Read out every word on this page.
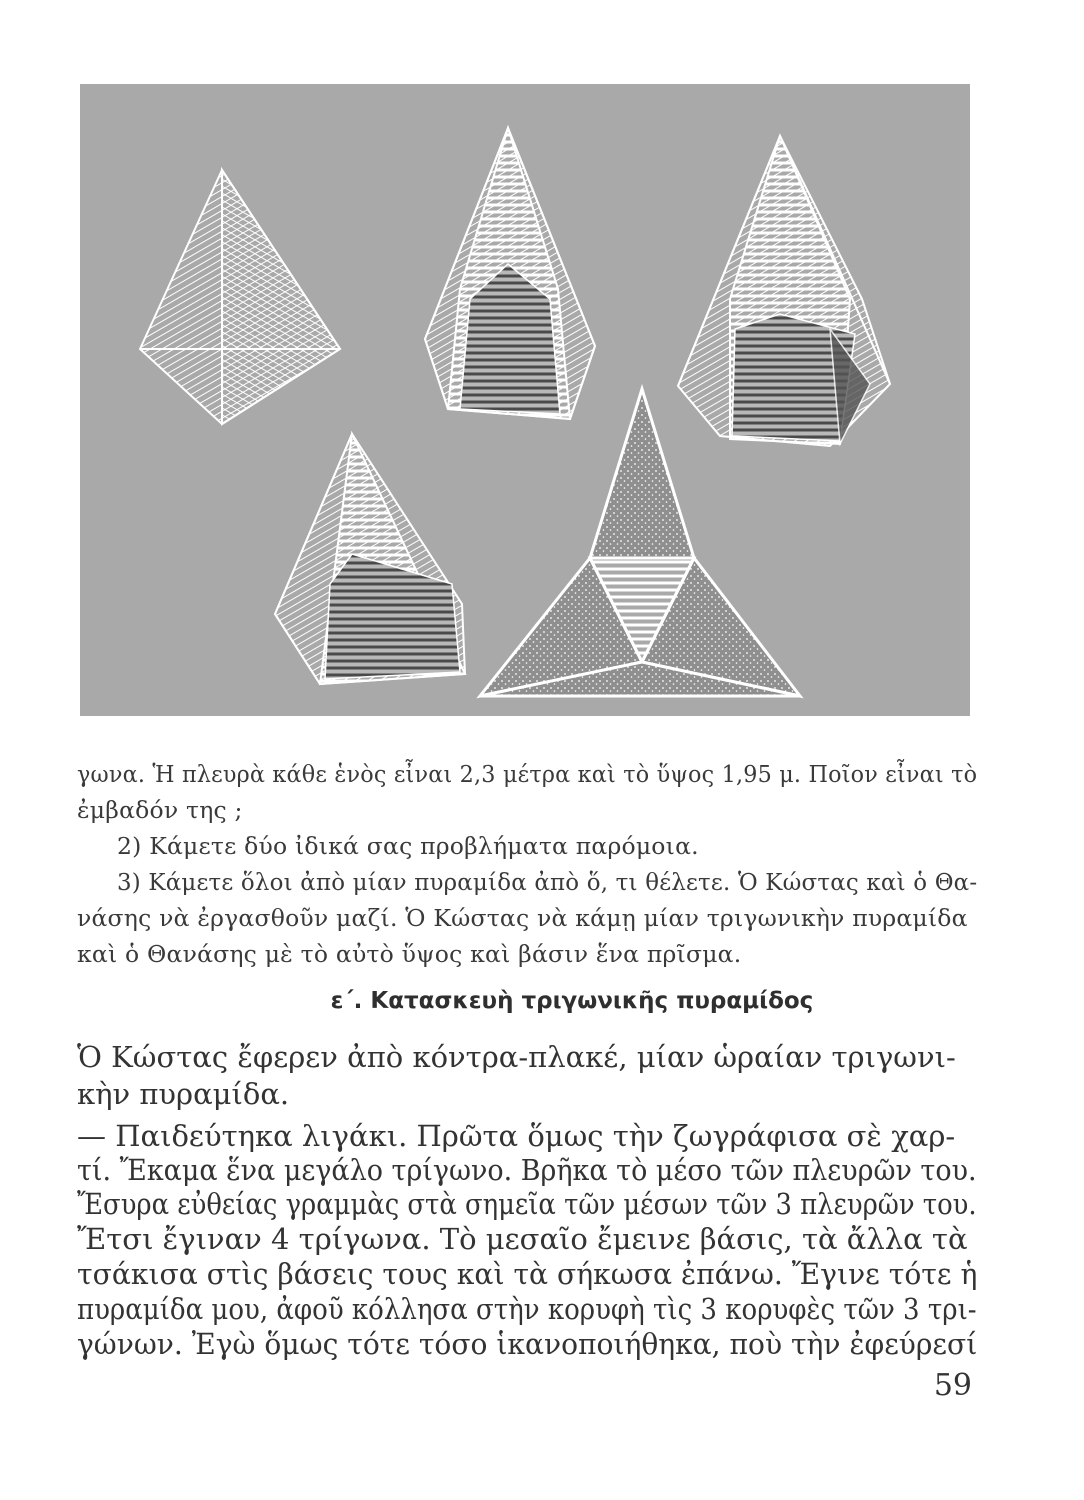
γωνα. Ἡ πλευρὰ κάθε ἑνὸς εἶναι 2,3 μέτρα καὶ τὸ ὕψος 1,95 μ. Ποῖον εἶναι τὸ
ἐμβαδόν της ;
2) Κάμετε δύο ἰδικά σας προβλήματα παρόμοια.
3) Κάμετε ὅλοι ἀπὸ μίαν πυραμίδα ἀπὸ ὅ, τι θέλετε. Ὁ Κώστας καὶ ὁ Θα-
νάσης νὰ ἐργασθοῦν μαζί. Ὁ Κώστας νὰ κάμῃ μίαν τριγωνικὴν πυραμίδα
καὶ ὁ Θανάσης μὲ τὸ αὐτὸ ὕψος καὶ βάσιν ἕνα πρῖσμα.
ε΄. Κατασκευὴ τριγωνικῆς πυραμίδος
Ὁ Κώστας ἔφερεν ἀπὸ κόντρα-πλακέ, μίαν ὡραίαν τριγωνι-
κὴν πυραμίδα.
— Παιδεύτηκα λιγάκι. Πρῶτα ὅμως τὴν ζωγράφισα σὲ χαρ-
τί. Ἔκαμα ἕνα μεγάλο τρίγωνο. Βρῆκα τὸ μέσο τῶν πλευρῶν του.
Ἔσυρα εὐθείας γραμμὰς στὰ σημεῖα τῶν μέσων τῶν 3 πλευρῶν του.
Ἔτσι ἔγιναν 4 τρίγωνα. Τὸ μεσαῖο ἔμεινε βάσις, τὰ ἄλλα τὰ
τσάκισα στὶς βάσεις τους καὶ τὰ σήκωσα ἐπάνω. Ἔγινε τότε ἡ
πυραμίδα μου, ἀφοῦ κόλλησα στὴν κορυφὴ τὶς 3 κορυφὲς τῶν 3 τρι-
γώνων. Ἐγὼ ὅμως τότε τόσο ἱκανοποιήθηκα, ποὺ τὴν ἐφεύρεσί
59
